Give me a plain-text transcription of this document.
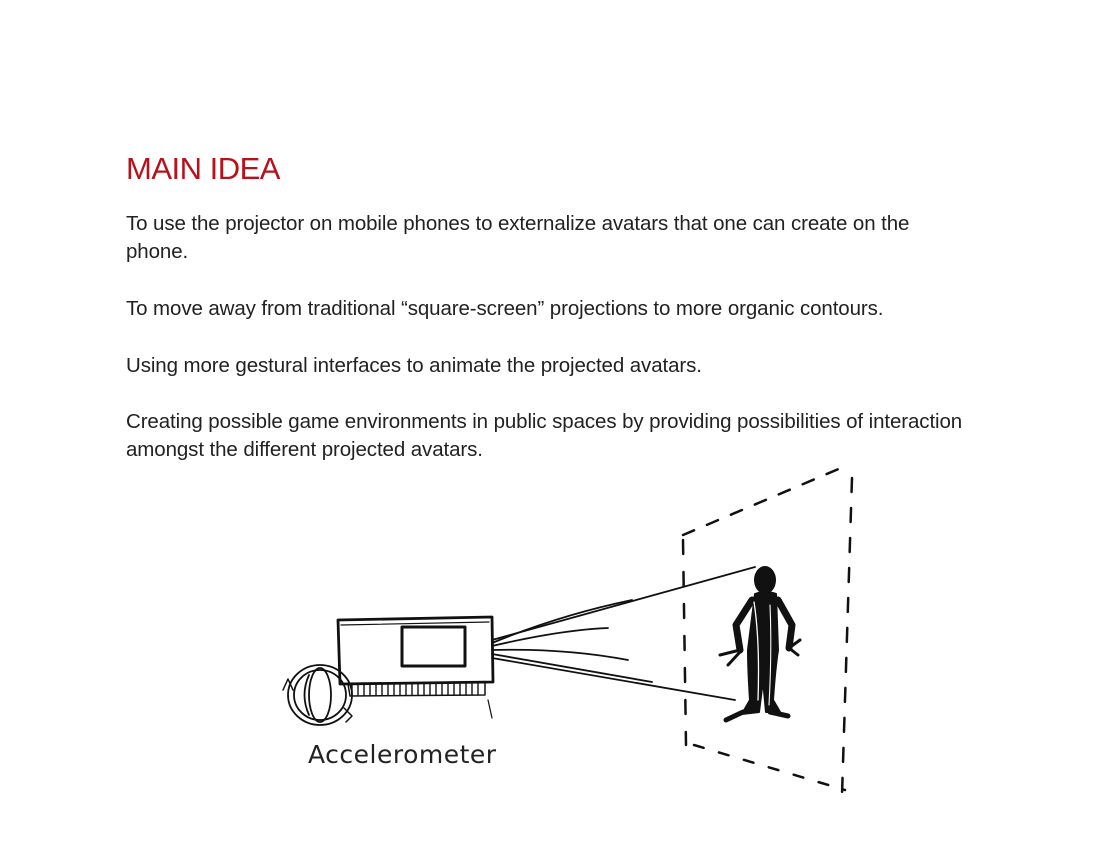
MAIN IDEA

To use the projector on mobile phones to externalize avatars that one can create on the phone.

To move away from traditional “square-screen” projections to more organic contours.

Using more gestural interfaces to animate the projected avatars.

Creating possible game environments in public spaces by providing possibilities of interaction amongst the different projected avatars.

Accelerometer
